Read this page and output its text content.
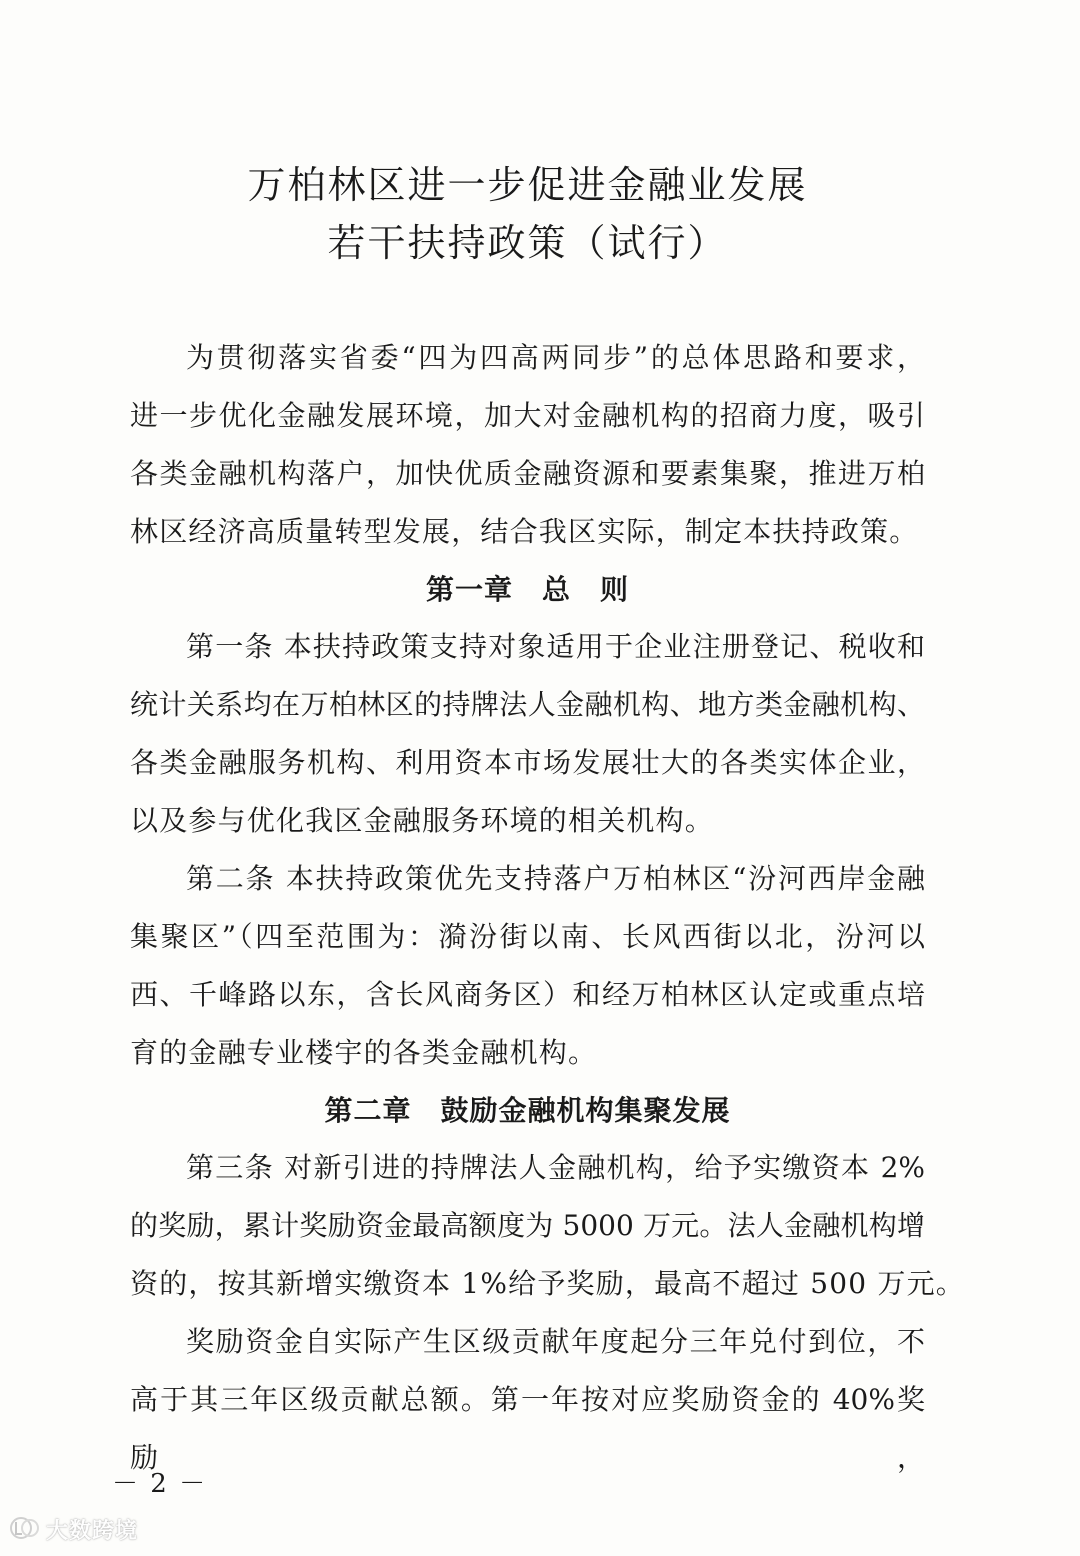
万柏林区进一步促进金融业发展
若干扶持政策（试行）
为贯彻落实省委“四为四高两同步”的总体思路和要求，
进一步优化金融发展环境，加大对金融机构的招商力度，吸引
各类金融机构落户，加快优质金融资源和要素集聚，推进万柏
林区经济高质量转型发展，结合我区实际，制定本扶持政策。
第一章　总　则
第一条 本扶持政策支持对象适用于企业注册登记、税收和
统计关系均在万柏林区的持牌法人金融机构、地方类金融机构、
各类金融服务机构、利用资本市场发展壮大的各类实体企业，
以及参与优化我区金融服务环境的相关机构。
第二条 本扶持政策优先支持落户万柏林区“汾河西岸金融
集聚区”（四至范围为：漪汾街以南、长风西街以北，汾河以
西、千峰路以东，含长风商务区）和经万柏林区认定或重点培
育的金融专业楼宇的各类金融机构。
第二章　鼓励金融机构集聚发展
第三条 对新引进的持牌法人金融机构，给予实缴资本 2%
的奖励，累计奖励资金最高额度为 5000 万元。法人金融机构增
资的，按其新增实缴资本 1%给予奖励，最高不超过 500 万元。
奖励资金自实际产生区级贡献年度起分三年兑付到位，不
高于其三年区级贡献总额。第一年按对应奖励资金的 40%奖励，
－ 2 －
大数跨境
